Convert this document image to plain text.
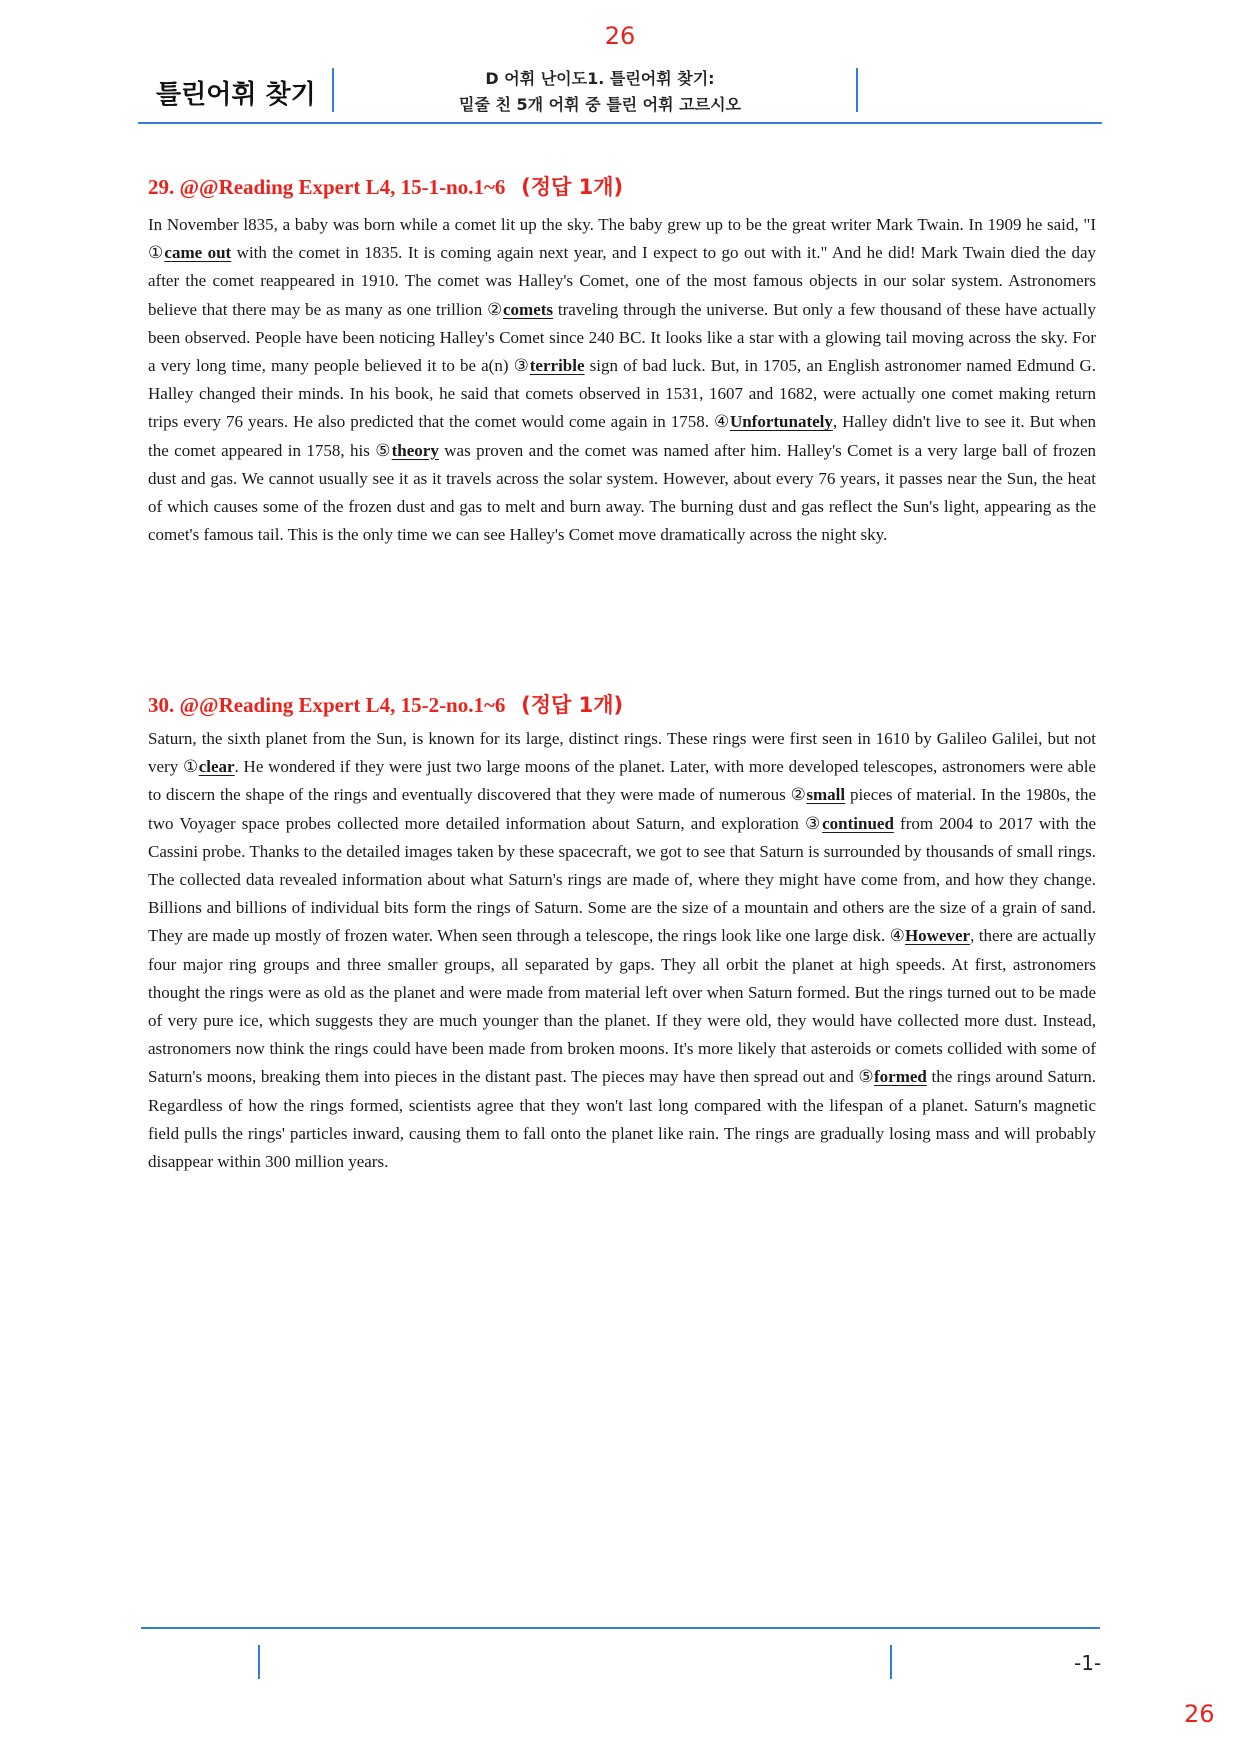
26
틀린어휘 찾기
D 어휘 난이도1. 틀린어휘 찾기:
밑줄 친 5개 어휘 중 틀린 어휘 고르시오
29. @@Reading Expert L4, 15-1-no.1~6 (정답 1개)

In November l835, a baby was born while a comet lit up the sky. The baby grew up to be the great writer Mark Twain. In 1909 he said, "I ①came out with the comet in 1835. It is coming again next year, and I expect to go out with it." And he did! Mark Twain died the day after the comet reappeared in 1910. The comet was Halley's Comet, one of the most famous objects in our solar system. Astronomers believe that there may be as many as one trillion ②comets traveling through the universe. But only a few thousand of these have actually been observed. People have been noticing Halley's Comet since 240 BC. It looks like a star with a glowing tail moving across the sky. For a very long time, many people believed it to be a(n) ③terrible sign of bad luck. But, in 1705, an English astronomer named Edmund G. Halley changed their minds. In his book, he said that comets observed in 1531, 1607 and 1682, were actually one comet making return trips every 76 years. He also predicted that the comet would come again in 1758. ④Unfortunately, Halley didn't live to see it. But when the comet appeared in 1758, his ⑤theory was proven and the comet was named after him. Halley's Comet is a very large ball of frozen dust and gas. We cannot usually see it as it travels across the solar system. However, about every 76 years, it passes near the Sun, the heat of which causes some of the frozen dust and gas to melt and burn away. The burning dust and gas reflect the Sun's light, appearing as the comet's famous tail. This is the only time we can see Halley's Comet move dramatically across the night sky.

30. @@Reading Expert L4, 15-2-no.1~6 (정답 1개)

Saturn, the sixth planet from the Sun, is known for its large, distinct rings. These rings were first seen in 1610 by Galileo Galilei, but not very ①clear. He wondered if they were just two large moons of the planet. Later, with more developed telescopes, astronomers were able to discern the shape of the rings and eventually discovered that they were made of numerous ②small pieces of material. In the 1980s, the two Voyager space probes collected more detailed information about Saturn, and exploration ③continued from 2004 to 2017 with the Cassini probe. Thanks to the detailed images taken by these spacecraft, we got to see that Saturn is surrounded by thousands of small rings. The collected data revealed information about what Saturn's rings are made of, where they might have come from, and how they change. Billions and billions of individual bits form the rings of Saturn. Some are the size of a mountain and others are the size of a grain of sand. They are made up mostly of frozen water. When seen through a telescope, the rings look like one large disk. ④However, there are actually four major ring groups and three smaller groups, all separated by gaps. They all orbit the planet at high speeds. At first, astronomers thought the rings were as old as the planet and were made from material left over when Saturn formed. But the rings turned out to be made of very pure ice, which suggests they are much younger than the planet. If they were old, they would have collected more dust. Instead, astronomers now think the rings could have been made from broken moons. It's more likely that asteroids or comets collided with some of Saturn's moons, breaking them into pieces in the distant past. The pieces may have then spread out and ⑤formed the rings around Saturn. Regardless of how the rings formed, scientists agree that they won't last long compared with the lifespan of a planet. Saturn's magnetic field pulls the rings' particles inward, causing them to fall onto the planet like rain. The rings are gradually losing mass and will probably disappear within 300 million years.

-1-
26
